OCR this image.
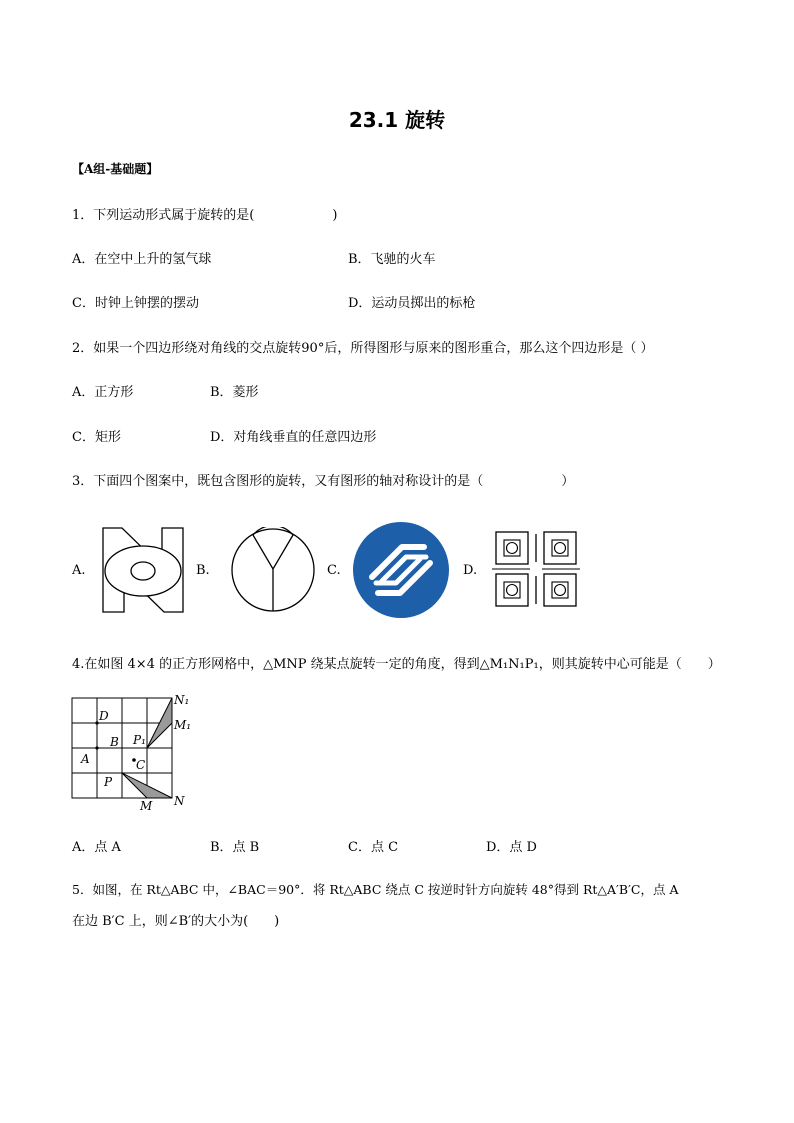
23.1 旋转
【A组-基础题】
1．下列运动形式属于旋转的是(　　　　　　)
A．在空中上升的氢气球	B．飞驰的火车
C．时钟上钟摆的摆动	D．运动员掷出的标枪
2．如果一个四边形绕对角线的交点旋转90°后，所得图形与原来的图形重合，那么这个四边形是（ ）
A．正方形	B．菱形
C．矩形	D．对角线垂直的任意四边形
3．下面四个图案中，既包含图形的旋转，又有图形的轴对称设计的是（　　　　　　）
A.	B.	C.	D.
4.在如图 4×4 的正方形网格中，△MNP 绕某点旋转一定的角度，得到△M₁N₁P₁，则其旋转中心可能是（　　）
N₁
M₁
D
B P₁
A	C
P
M N
A．点 A	B．点 B	C．点 C	D．点 D
5．如图，在 Rt△ABC 中，∠BAC＝90°．将 Rt△ABC 绕点 C 按逆时针方向旋转 48°得到 Rt△A′B′C，点 A
在边 B′C 上，则∠B′的大小为(　　)
